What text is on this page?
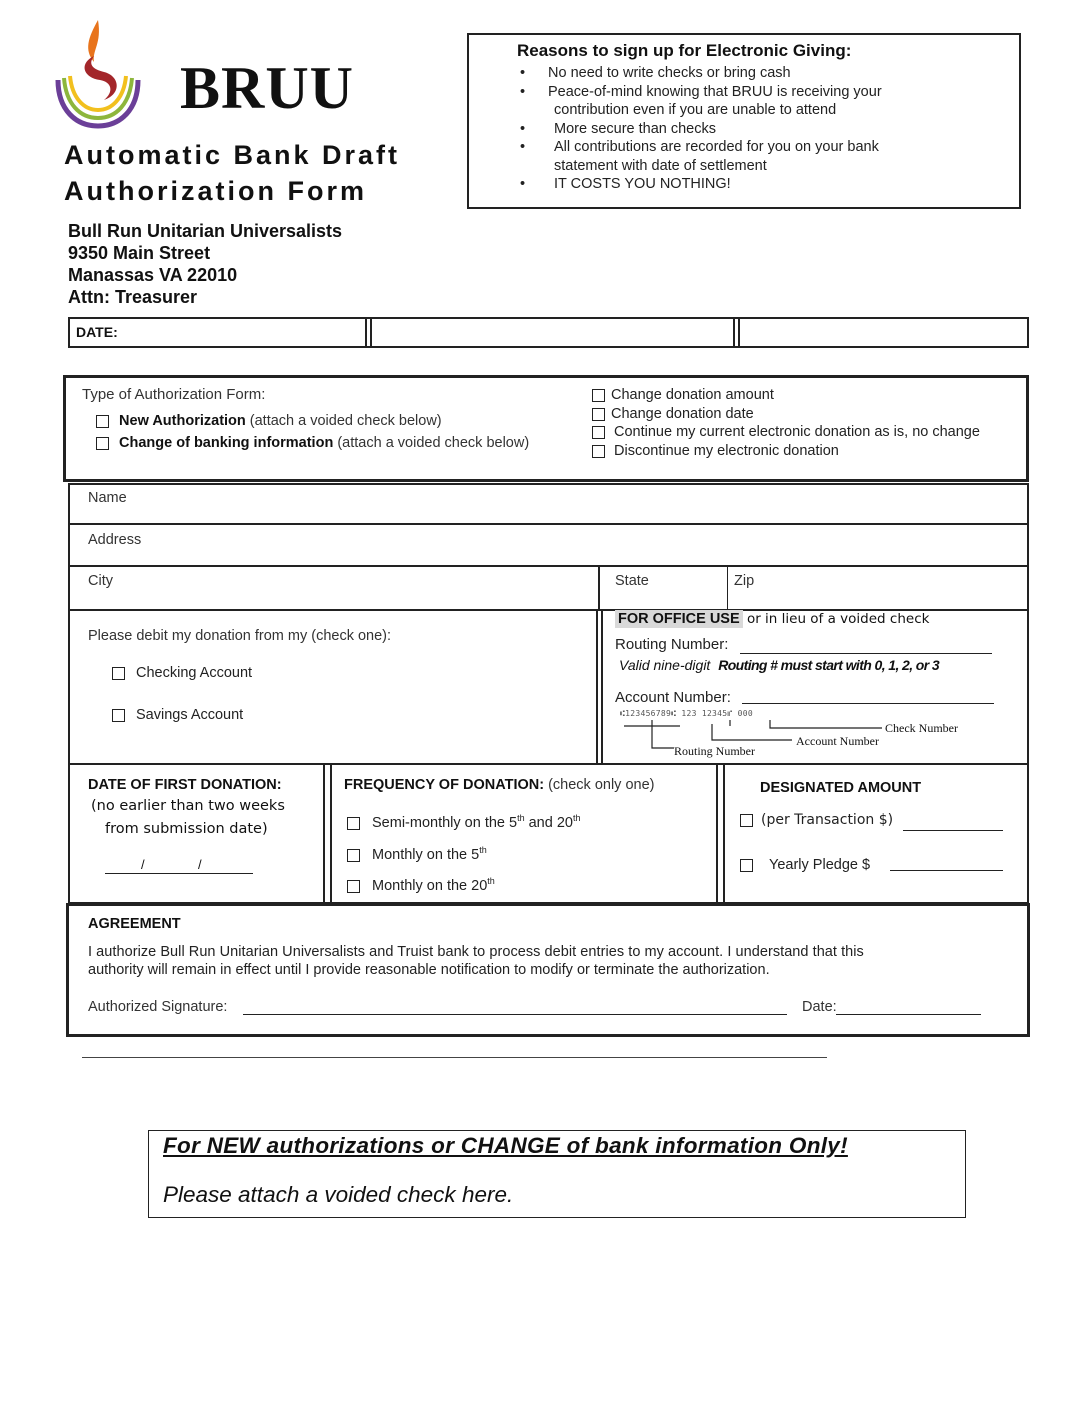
BRUU
Automatic Bank Draft
Authorization Form
Bull Run Unitarian Universalists
9350 Main Street
Manassas VA 22010
Attn: Treasurer
Reasons to sign up for Electronic Giving:
• No need to write checks or bring cash
• Peace-of-mind knowing that BRUU is receiving your
contribution even if you are unable to attend
• More secure than checks
• All contributions are recorded for you on your bank
statement with date of settlement
• IT COSTS YOU NOTHING!
DATE:
Type of Authorization Form:
New Authorization (attach a voided check below)
Change of banking information (attach a voided check below)
Change donation amount
Change donation date
Continue my current electronic donation as is, no change
Discontinue my electronic donation
Name
Address
City	State	Zip
Please debit my donation from my (check one):
Checking Account
Savings Account
FOR OFFICE USE or in lieu of a voided check
Routing Number:
Valid nine-digit Routing # must start with 0, 1, 2, or 3
Account Number:
⑆123456789⑆ 123 12345⑈ 000
Check Number
Account Number
Routing Number
DATE OF FIRST DONATION:
(no earlier than two weeks
from submission date)
/	/
FREQUENCY OF DONATION: (check only one)
Semi-monthly on the 5th and 20th
Monthly on the 5th
Monthly on the 20th
DESIGNATED AMOUNT
(per Transaction $)
Yearly Pledge $
AGREEMENT
I authorize Bull Run Unitarian Universalists and Truist bank to process debit entries to my account. I understand that this
authority will remain in effect until I provide reasonable notification to modify or terminate the authorization.
Authorized Signature:	Date:
For NEW authorizations or CHANGE of bank information Only!
Please attach a voided check here.
